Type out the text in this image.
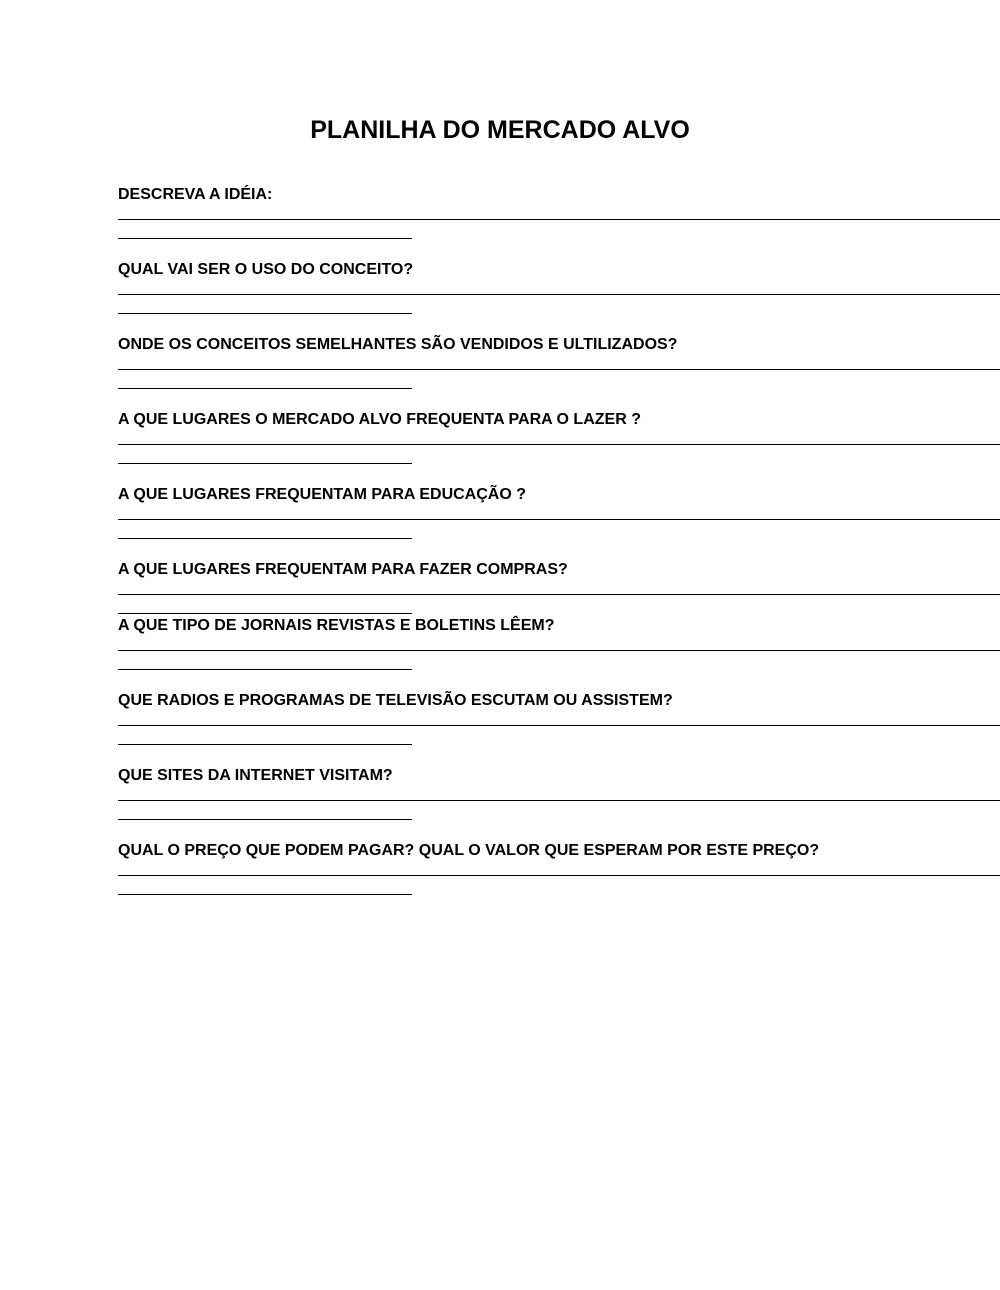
PLANILHA DO MERCADO ALVO

DESCREVA A IDÉIA:

QUAL VAI SER O USO DO CONCEITO?

ONDE OS CONCEITOS SEMELHANTES SÃO VENDIDOS E ULTILIZADOS?

A QUE LUGARES O MERCADO ALVO FREQUENTA PARA O LAZER ?

A QUE LUGARES FREQUENTAM PARA EDUCAÇÃO ?

A QUE LUGARES FREQUENTAM PARA FAZER COMPRAS?

A QUE TIPO DE JORNAIS REVISTAS E BOLETINS LÊEM?

QUE RADIOS E PROGRAMAS DE TELEVISÃO ESCUTAM OU ASSISTEM?

QUE SITES DA INTERNET VISITAM?

QUAL O PREÇO QUE PODEM PAGAR? QUAL O VALOR QUE ESPERAM POR ESTE PREÇO?
